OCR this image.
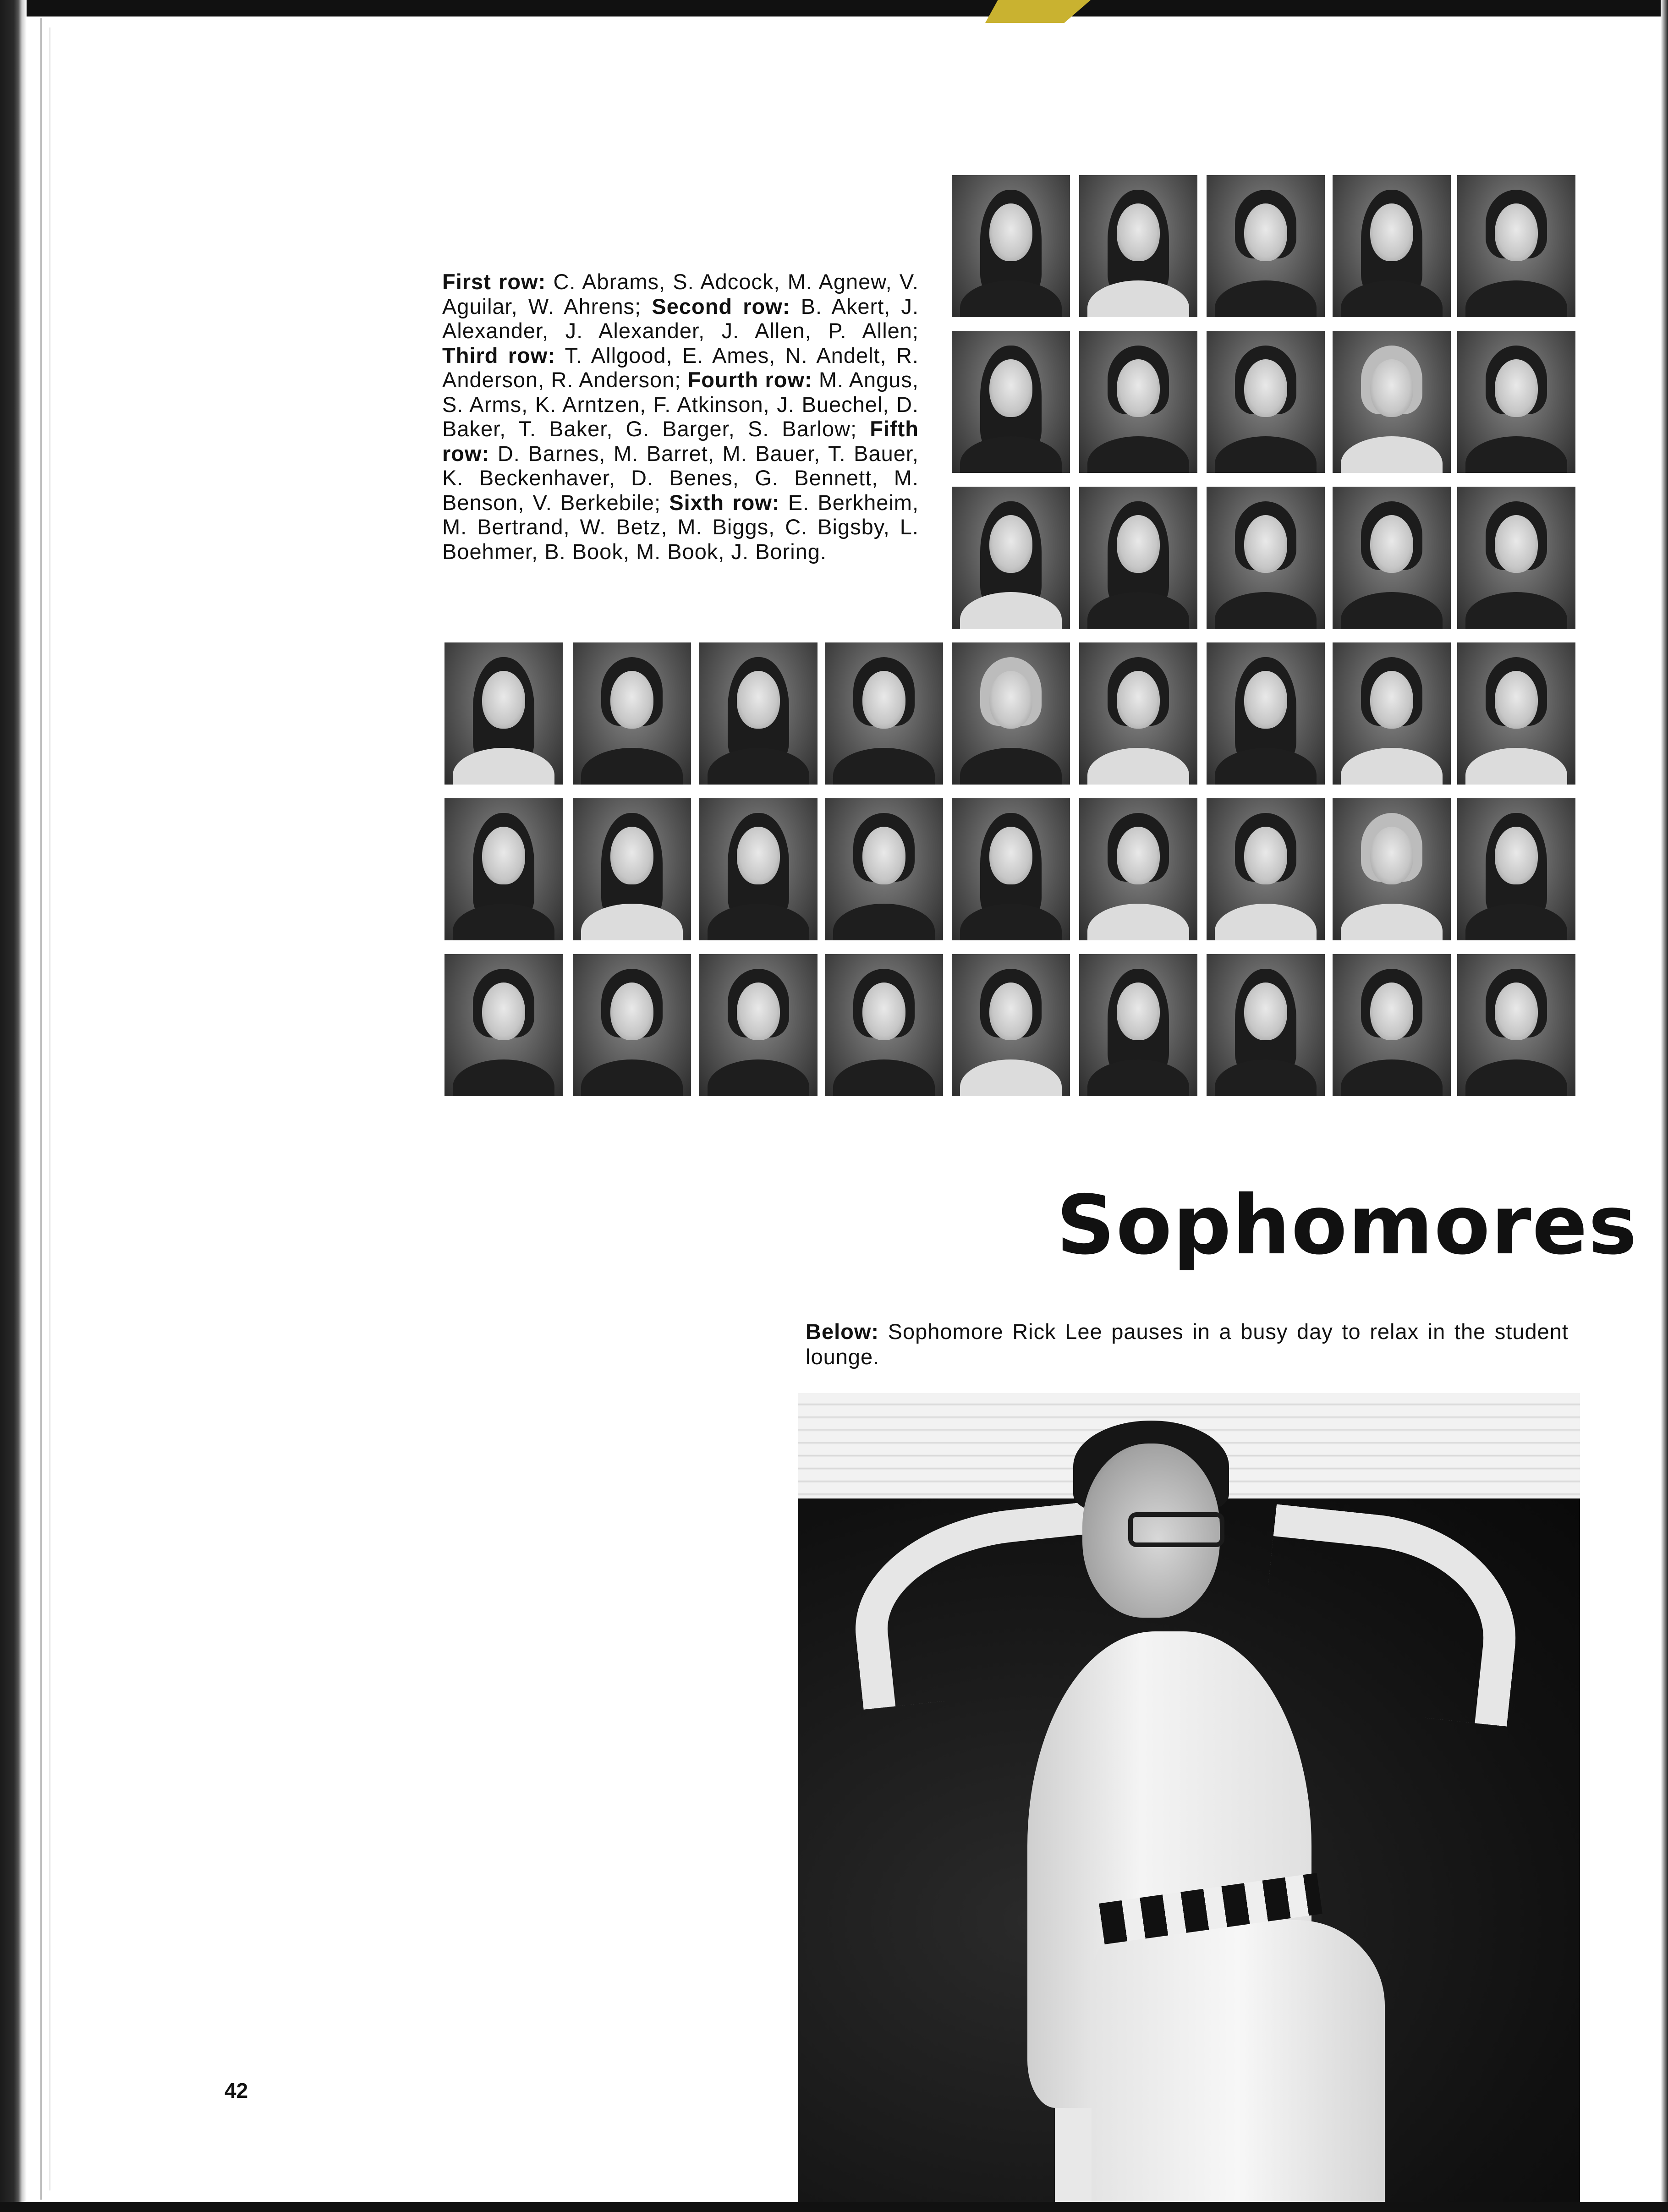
First row: C. Abrams, S. Adcock, M. Agnew, V. Aguilar, W. Ahrens; Second row: B. Akert, J. Alexander, J. Alexander, J. Allen, P. Allen; Third row: T. Allgood, E. Ames, N. Andelt, R. Anderson, R. Anderson; Fourth row: M. Angus, S. Arms, K. Arntzen, F. Atkinson, J. Buechel, D. Baker, T. Baker, G. Barger, S. Barlow; Fifth row: D. Barnes, M. Barret, M. Bauer, T. Bauer, K. Beckenhaver, D. Benes, G. Bennett, M. Benson, V. Berkebile; Sixth row: E. Berkheim, M. Bertrand, W. Betz, M. Biggs, C. Bigsby, L. Boehmer, B. Book, M. Book, J. Boring.
Sophomores
Below: Sophomore Rick Lee pauses in a busy day to relax in the student lounge.
42
